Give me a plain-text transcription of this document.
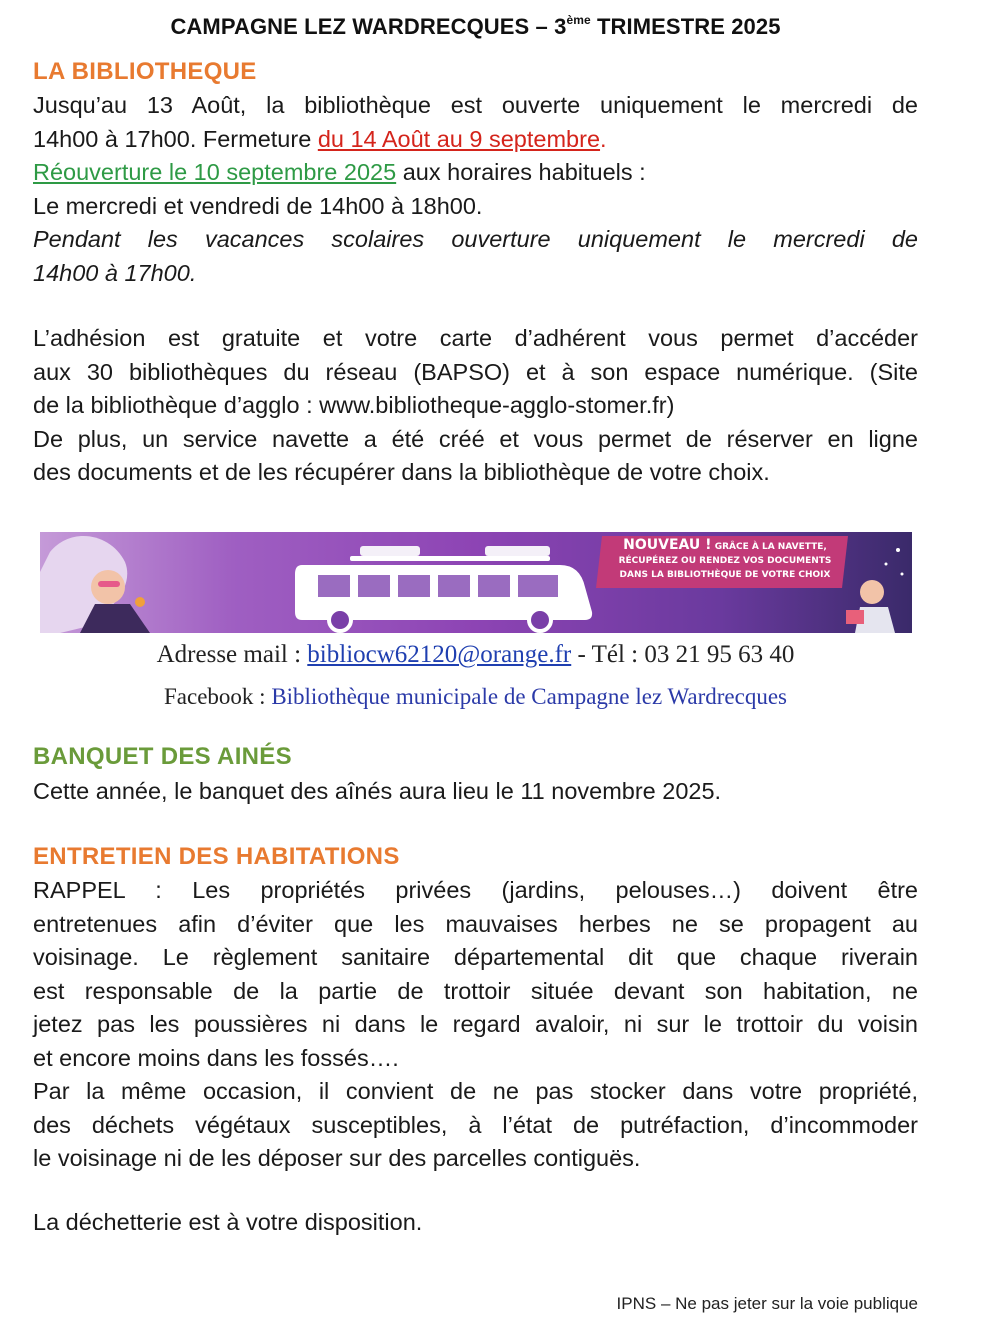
CAMPAGNE LEZ WARDRECQUES – 3ème TRIMESTRE 2025
LA BIBLIOTHEQUE
Jusqu’au 13 Août, la bibliothèque est ouverte uniquement le mercredi de
14h00 à 17h00. Fermeture du 14 Août au 9 septembre.
Réouverture le 10 septembre 2025 aux horaires habituels :
Le mercredi et vendredi de 14h00 à 18h00.
Pendant les vacances scolaires ouverture uniquement le mercredi de
14h00 à 17h00.
L’adhésion est gratuite et votre carte d’adhérent vous permet d’accéder
aux 30 bibliothèques du réseau (BAPSO) et à son espace numérique. (Site
de la bibliothèque d’agglo : www.bibliotheque-agglo-stomer.fr)
De plus, un service navette a été créé et vous permet de réserver en ligne
des documents et de les récupérer dans la bibliothèque de votre choix.
NOUVEAU ! GRÂCE À LA NAVETTE,
RÉCUPÉREZ OU RENDEZ VOS DOCUMENTS
DANS LA BIBLIOTHÈQUE DE VOTRE CHOIX
Adresse mail : bibliocw62120@orange.fr - Tél : 03 21 95 63 40
Facebook : Bibliothèque municipale de Campagne lez Wardrecques
BANQUET DES AINÉS
Cette année, le banquet des aînés aura lieu le 11 novembre 2025.
ENTRETIEN DES HABITATIONS
RAPPEL : Les propriétés privées (jardins, pelouses…) doivent être
entretenues afin d’éviter que les mauvaises herbes ne se propagent au
voisinage. Le règlement sanitaire départemental dit que chaque riverain
est responsable de la partie de trottoir située devant son habitation, ne
jetez pas les poussières ni dans le regard avaloir, ni sur le trottoir du voisin
et encore moins dans les fossés….
Par la même occasion, il convient de ne pas stocker dans votre propriété,
des déchets végétaux susceptibles, à l’état de putréfaction, d’incommoder
le voisinage ni de les déposer sur des parcelles contiguës.
La déchetterie est à votre disposition.
IPNS – Ne pas jeter sur la voie publique
